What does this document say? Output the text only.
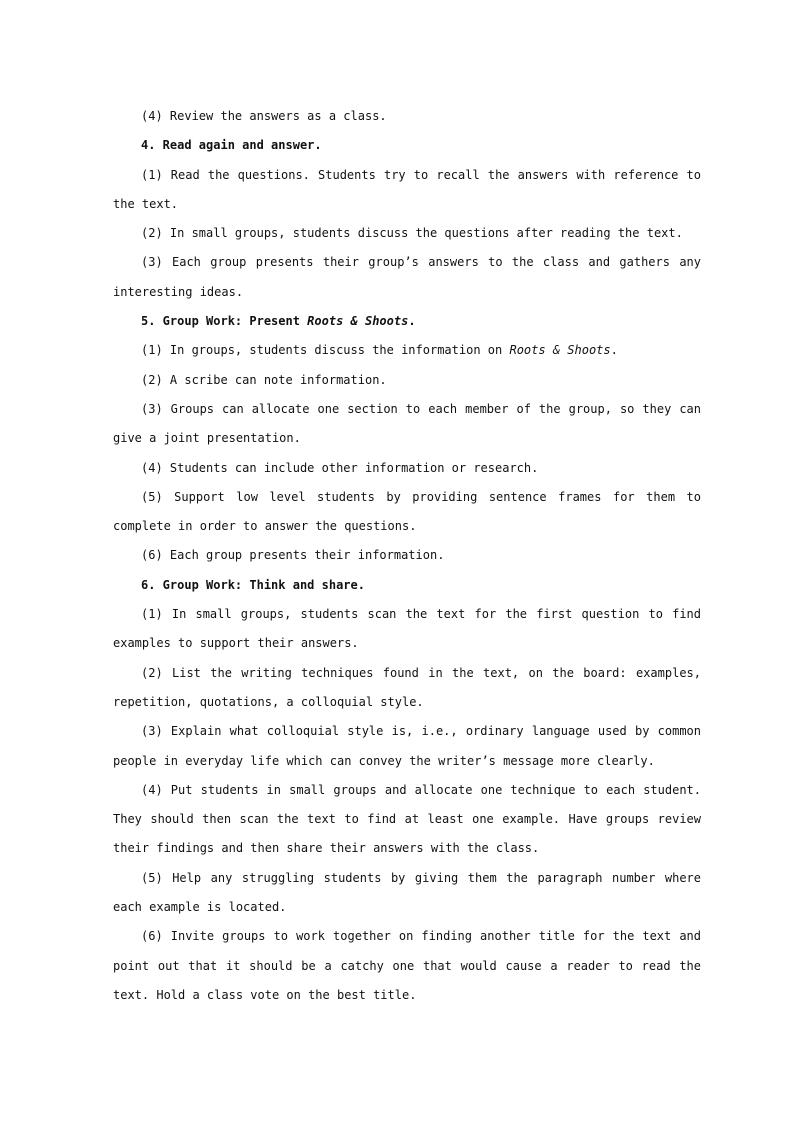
(4) Review the answers as a class.

4. Read again and answer.

(1) Read the questions. Students try to recall the answers with reference to the text.

(2) In small groups, students discuss the questions after reading the text.

(3) Each group presents their group’s answers to the class and gathers any interesting ideas.

5. Group Work: Present Roots & Shoots.

(1) In groups, students discuss the information on Roots & Shoots.

(2) A scribe can note information.

(3) Groups can allocate one section to each member of the group, so they can give a joint presentation.

(4) Students can include other information or research.

(5) Support low level students by providing sentence frames for them to complete in order to answer the questions.

(6) Each group presents their information.

6. Group Work: Think and share.

(1) In small groups, students scan the text for the first question to find examples to support their answers.

(2) List the writing techniques found in the text, on the board: examples, repetition, quotations, a colloquial style.

(3) Explain what colloquial style is, i.e., ordinary language used by common people in everyday life which can convey the writer’s message more clearly.

(4) Put students in small groups and allocate one technique to each student. They should then scan the text to find at least one example. Have groups review their findings and then share their answers with the class.

(5) Help any struggling students by giving them the paragraph number where each example is located.

(6) Invite groups to work together on finding another title for the text and point out that it should be a catchy one that would cause a reader to read the text. Hold a class vote on the best title.
